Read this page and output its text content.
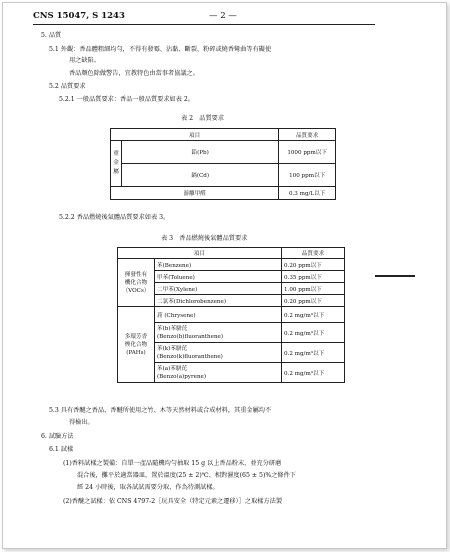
CNS 15047, S 1243	— 2 —
5. 品質
5.1 外觀：香品體粗細均勻，不得有發霉、沾黏、斷裂、粉碎或燒香彎曲等有礙使
用之缺陷。
香品顏色除做警告，宜教特色由當事者協議之。
5.2 品質要求
5.2.1 一般品質要求：香品一般品質要求如表 2。
表 2　品質要求
項目		品質要求
重
金
屬	鉛(Pb)	1000 ppm以下
	鎘(Cd)	100 ppm以下
游離甲醛		0.3 mg/L以下
5.2.2 香品燃燒後氣體品質要求如表 3。
表 3　香品燃燒後氣體品質要求
項目		品質要求
揮發性有
機化合物
（VOCs）	苯(Benzene)	0.20 ppm以下
	甲苯(Toluene)	0.35 ppm以下
	二甲苯(Xylene)	1.00 ppm以下
	二氯苯(Dichlorobenzene)	0.20 ppm以下
多環芳香
煙化合物
(PAHs)	䓛 (Chrysene)	0.2 mg/m³以下
	苯(b)苯駢芘
(Benzo(b)fluoranthene)	0.2 mg/m³以下
	苯(k)苯駢芘
(Benzo(k)fluoranthene)	0.2 mg/m³以下
	苯(a)苯駢芘
(Benzo(a)pyrene)	0.2 mg/m³以下
5.3 具有香醚之香品，香醚所使用之竹、木等天然材料或合成材料，其重金屬均不
得檢出。
6. 試驗方法
6.1 試樣
(1)香料試樣之製備：自單一產品隨機均勻抽取 15 g 以上香品粉末，並充分研磨
混合後，攤平於適當器皿，置於溫度(25 ± 2)℃、相對濕度(65 ± 5)%之條件下
經 24 小時後，取各試試需要分取，作為待測試樣。
(2)香醚之試樣：依 CNS 4797-2［玩具安全（特定元素之遷移）］之取樣方法製
